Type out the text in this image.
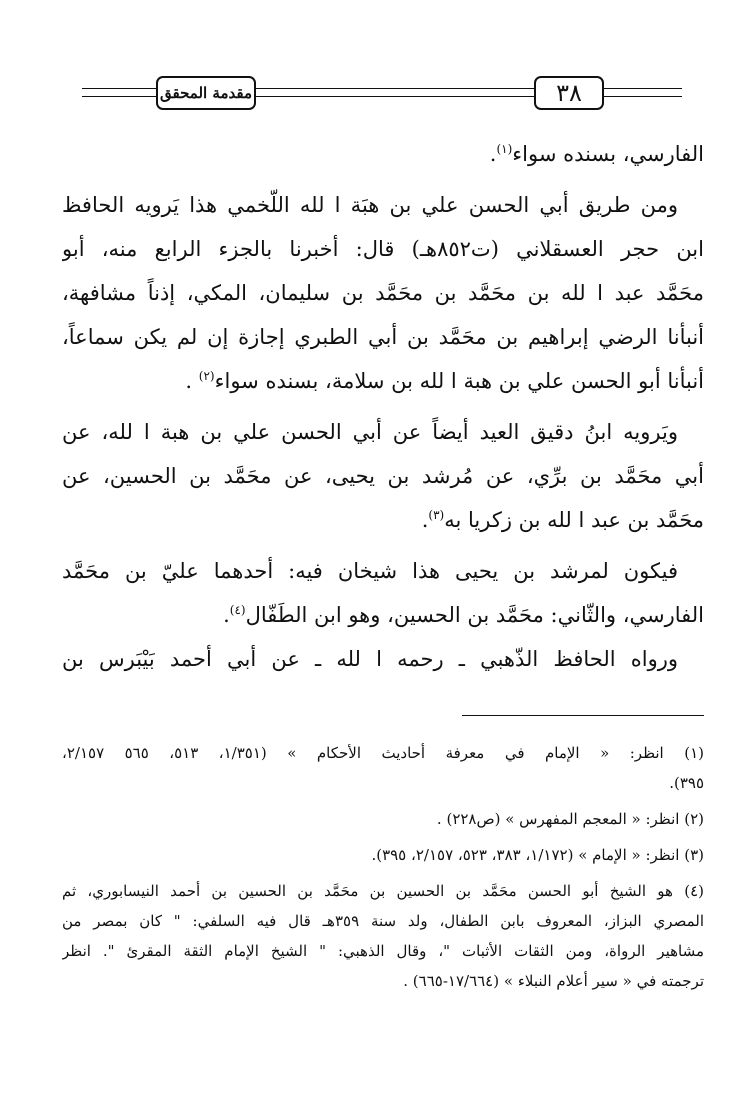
مقدمة المحقق	٣٨
الفارسي، بسنده سواء$^{(١)}$.
ومن طريق أبي الحسن علي بن هبَة ا لله اللّخمي هذا يَرويه الحافظ
ابن حجر العسقلاني (ت٨٥٢هـ) قال: أخبرنا بالجزء الرابع منه، أبو
محَمَّد عبد ا لله بن محَمَّد بن محَمَّد بن سليمان، المكي، إذناً مشافهة،
أنبأنا الرضي إبراهيم بن محَمَّد بن أبي الطبري إجازة إن لم يكن سماعاً،
أنبأنا أبو الحسن علي بن هبة ا لله بن سلامة، بسنده سواء$^{(٢)}$ .
ويَرويه ابنُ دقيق العيد أيضاً عن أبي الحسن علي بن هبة ا لله، عن
أبي محَمَّد بن برِّي، عن مُرشد بن يحيى، عن محَمَّد بن الحسين، عن
محَمَّد بن عبد ا لله بن زكريا به$^{(٣)}$.
فيكون لمرشد بن يحيى هذا شيخان فيه: أحدهما عليّ بن محَمَّد
الفارسي، والثّاني: محَمَّد بن الحسين، وهو ابن الطَفّال$^{(٤)}$.
ورواه الحافظ الذّهبي ـ رحمه ا لله ـ عن أبي أحمد بَيْبَرس بن
(١) انظر: « الإمام في معرفة أحاديث الأحكام » (١/٣٥١، ٥١٣، ٥٦٥ ٢/١٥٧،
٣٩٥).
(٢) انظر: « المعجم المفهرس » (ص٢٢٨) .
(٣) انظر: « الإمام » (١/١٧٢، ٣٨٣، ٥٢٣، ٢/١٥٧، ٣٩٥).
(٤) هو الشيخ أبو الحسن محَمَّد بن الحسين بن محَمَّد بن الحسين بن أحمد النيسابوري، ثم
المصري البزاز، المعروف بابن الطفال، ولد سنة ٣٥٩هـ قال فيه السلفي: " كان بمصر من
مشاهير الرواة، ومن الثقات الأثبات "، وقال الذهبي: " الشيخ الإمام الثقة المقرئ ". انظر
ترجمته في « سير أعلام النبلاء » (١٧/٦٦٤-٦٦٥) .
